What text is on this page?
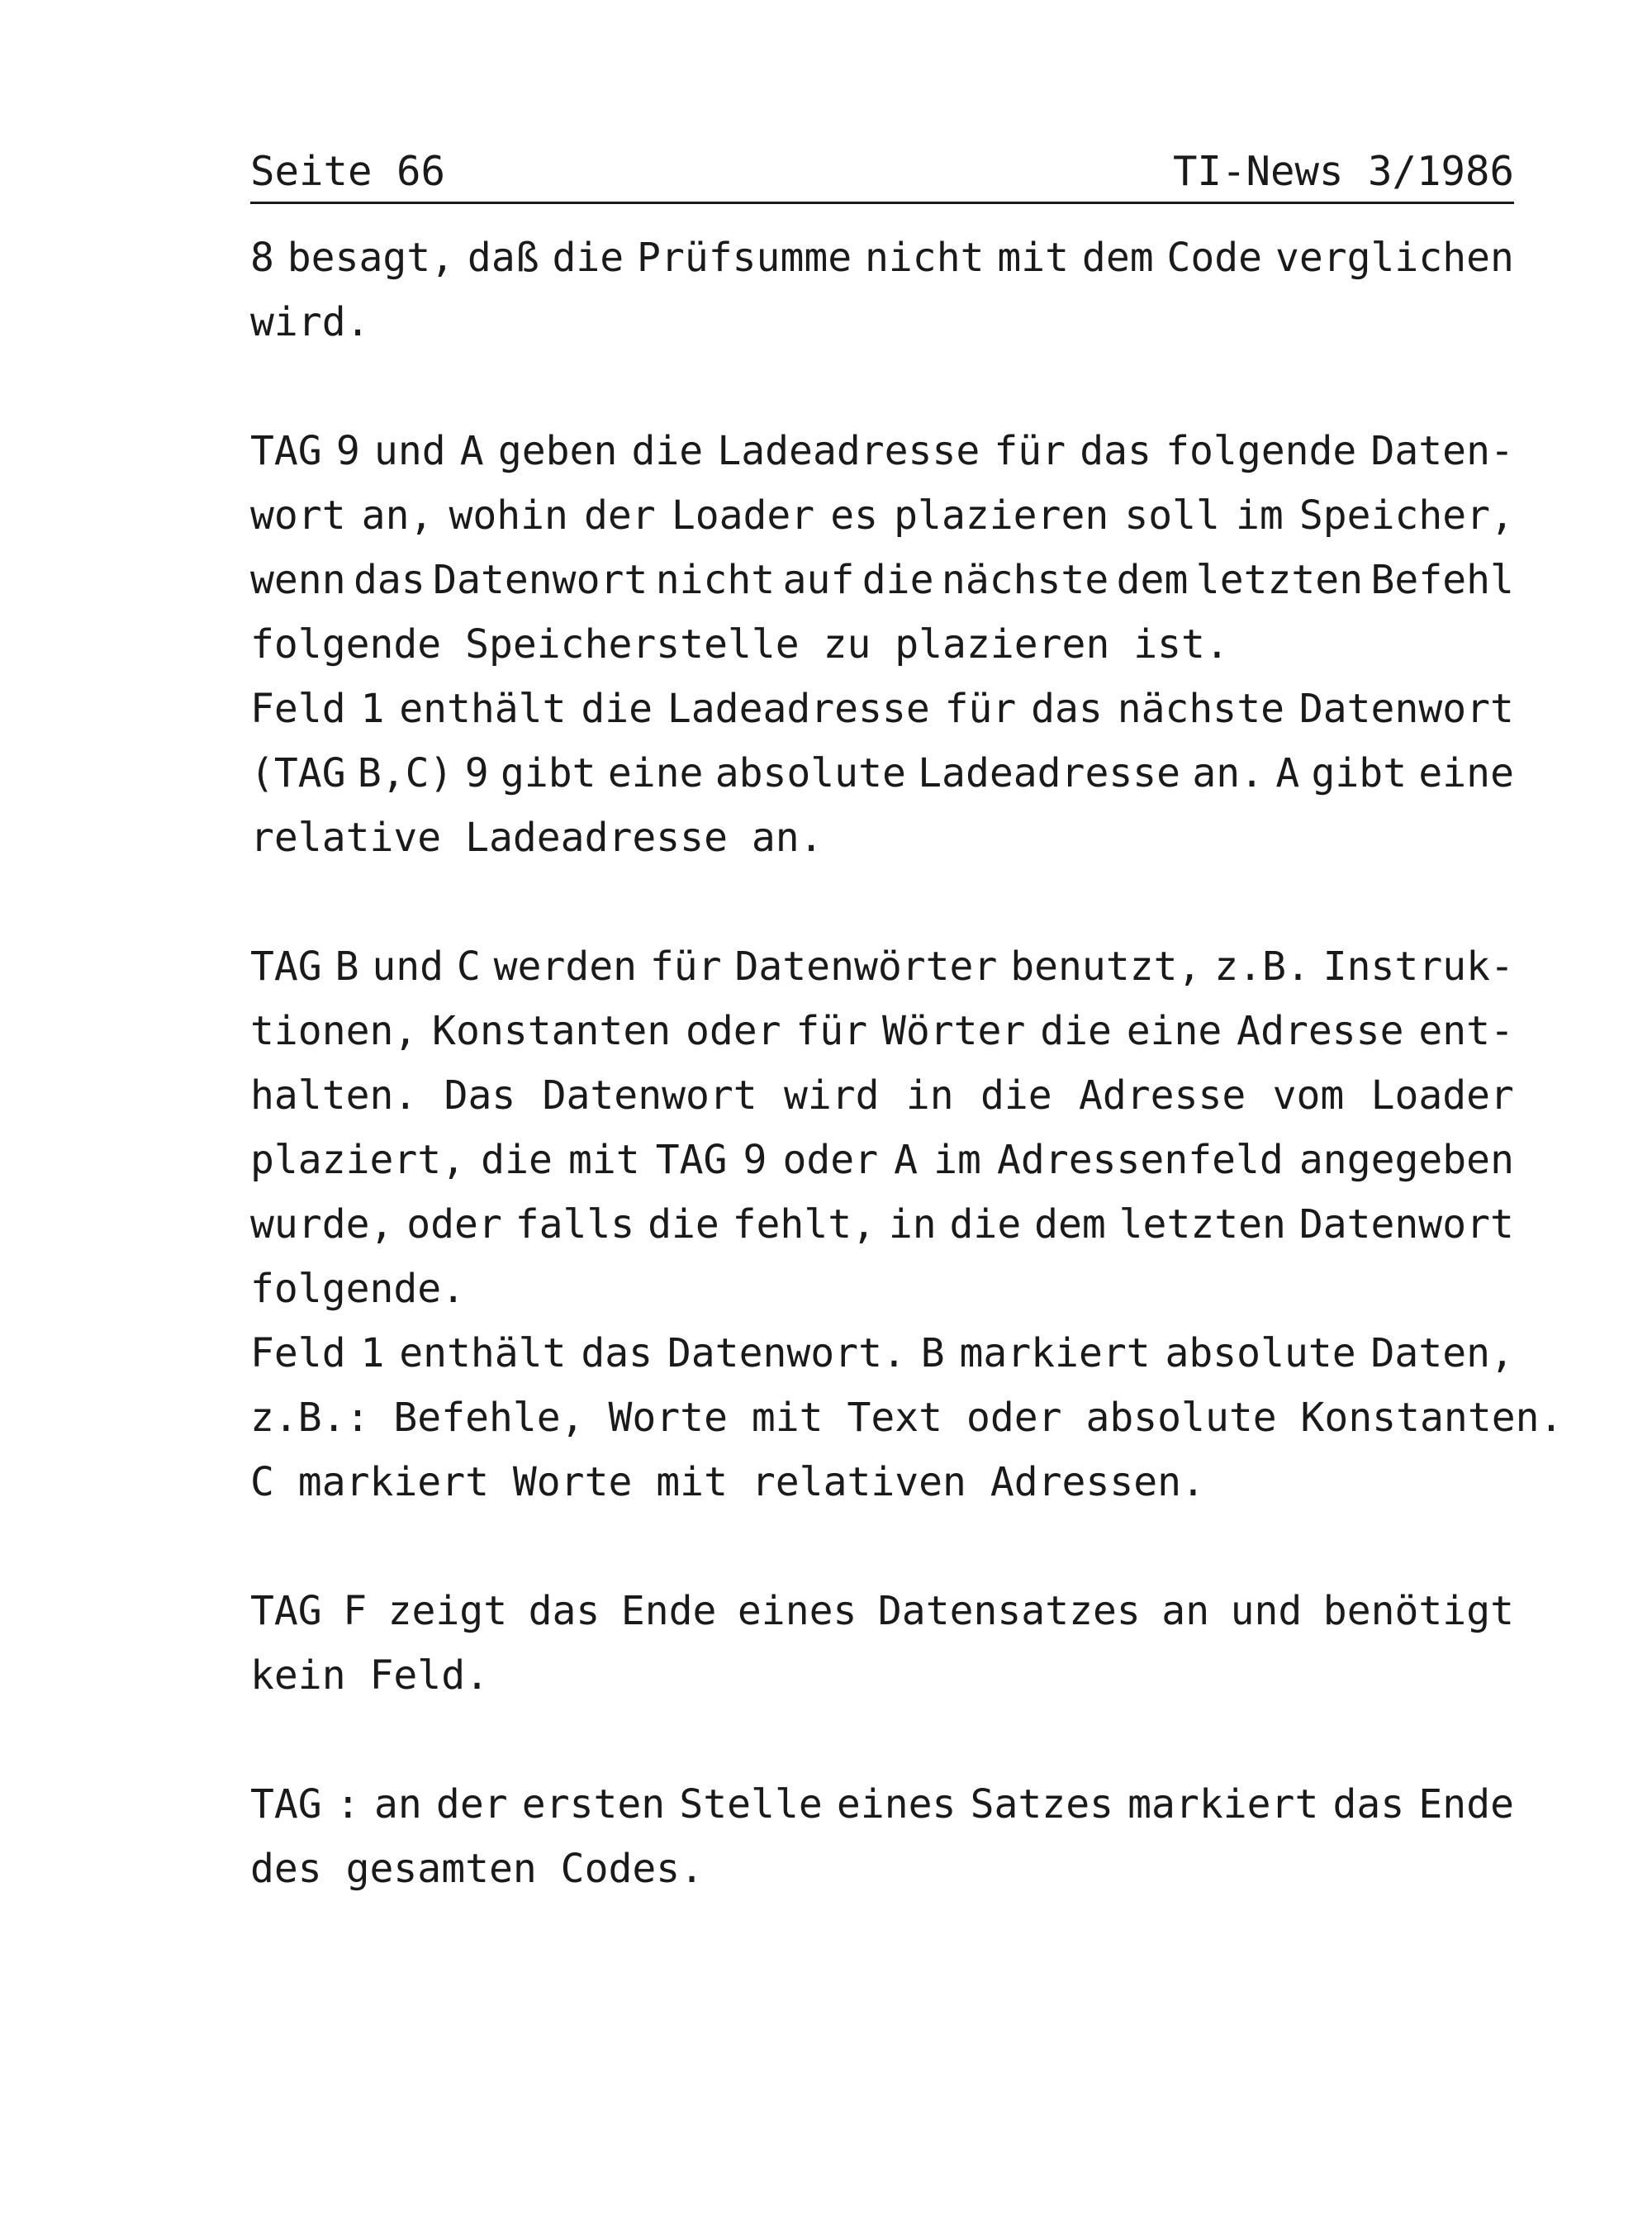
Seite 66	TI-News 3/1986
8 besagt, daß die Prüfsumme nicht mit dem Code verglichen
wird.
TAG 9 und A geben die Ladeadresse für das folgende Daten-
wort an, wohin der Loader es plazieren soll im Speicher,
wenn das Datenwort nicht auf die nächste dem letzten Befehl
folgende Speicherstelle zu plazieren ist.
Feld 1 enthält die Ladeadresse für das nächste Datenwort
(TAG B,C) 9 gibt eine absolute Ladeadresse an. A gibt eine
relative Ladeadresse an.
TAG B und C werden für Datenwörter benutzt, z.B. Instruk-
tionen, Konstanten oder für Wörter die eine Adresse ent-
halten. Das Datenwort wird in die Adresse vom Loader
plaziert, die mit TAG 9 oder A im Adressenfeld angegeben
wurde, oder falls die fehlt, in die dem letzten Datenwort
folgende.
Feld 1 enthält das Datenwort. B markiert absolute Daten,
z.B.: Befehle, Worte mit Text oder absolute Konstanten.
C markiert Worte mit relativen Adressen.
TAG F zeigt das Ende eines Datensatzes an und benötigt
kein Feld.
TAG : an der ersten Stelle eines Satzes markiert das Ende
des gesamten Codes.
